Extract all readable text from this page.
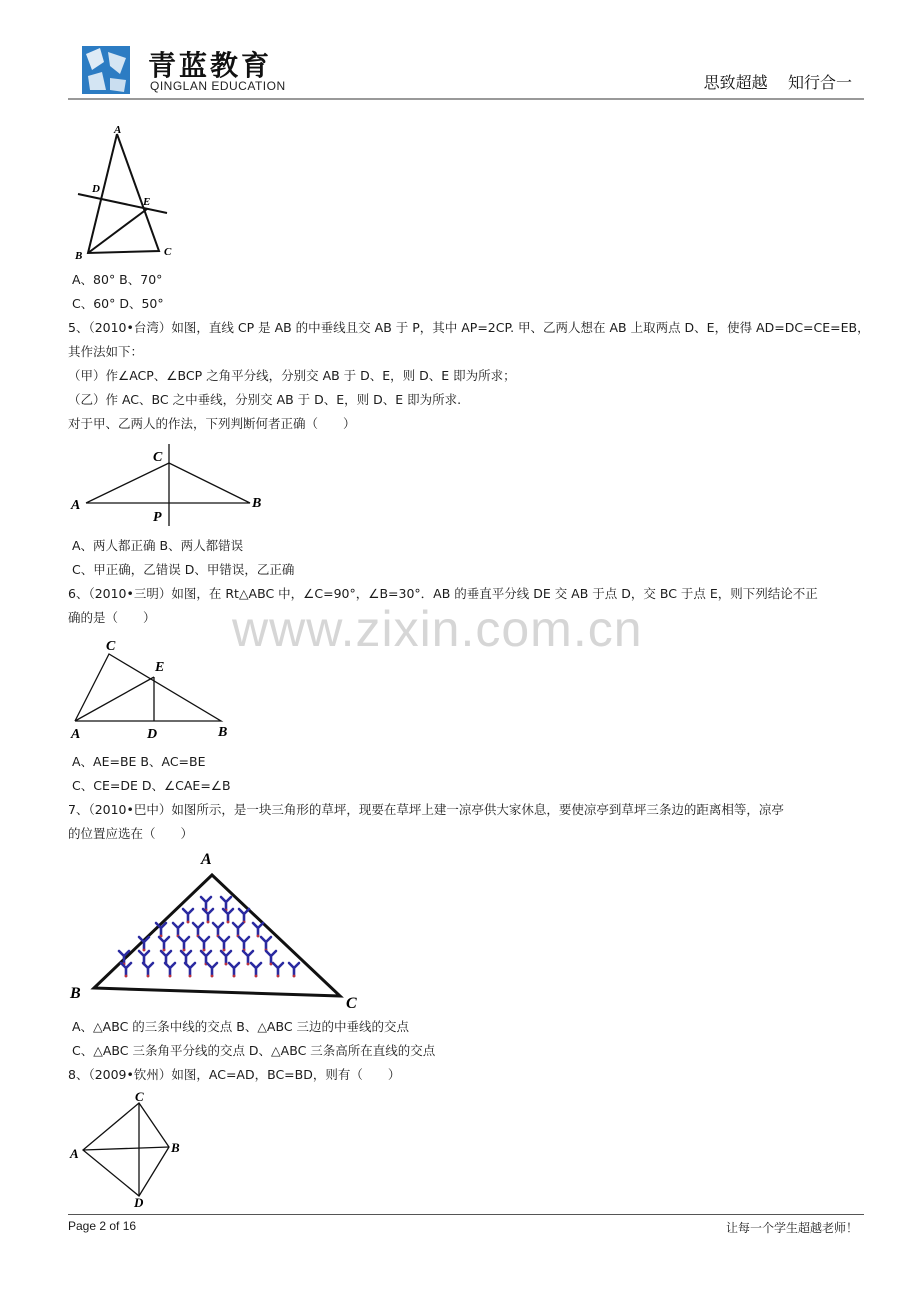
青蓝教育
QINGLAN EDUCATION	思致超越    知行合一
www.zixin.com.cn
A
D
E
B	C
A、80° B、70°
C、60° D、50°
5、（2010•台湾）如图，直线 CP 是 AB 的中垂线且交 AB 于 P，其中 AP=2CP. 甲、乙两人想在 AB 上取两点 D、E，使得 AD=DC=CE=EB，
其作法如下：
（甲）作∠ACP、∠BCP 之角平分线，分别交 AB 于 D、E，则 D、E 即为所求；
（乙）作 AC、BC 之中垂线，分别交 AB 于 D、E，则 D、E 即为所求.
对于甲、乙两人的作法，下列判断何者正确（　　）
C
A
P
B
A、两人都正确 B、两人都错误
C、甲正确，乙错误 D、甲错误，乙正确
6、（2010•三明）如图，在 Rt△ABC 中，∠C=90°，∠B=30°．AB 的垂直平分线 DE 交 AB 于点 D，交 BC 于点 E，则下列结论不正
确的是（　　）
C
E
A	D	B
A、AE=BE B、AC=BE
C、CE=DE D、∠CAE=∠B
7、（2010•巴中）如图所示，是一块三角形的草坪，现要在草坪上建一凉亭供大家休息，要使凉亭到草坪三条边的距离相等，凉亭
的位置应选在（　　）
A
B
C
A、△ABC 的三条中线的交点 B、△ABC 三边的中垂线的交点
C、△ABC 三条角平分线的交点 D、△ABC 三条高所在直线的交点
8、（2009•钦州）如图，AC=AD，BC=BD，则有（　　）
C
A	B
D
Page 2 of 16	让每一个学生超越老师！
